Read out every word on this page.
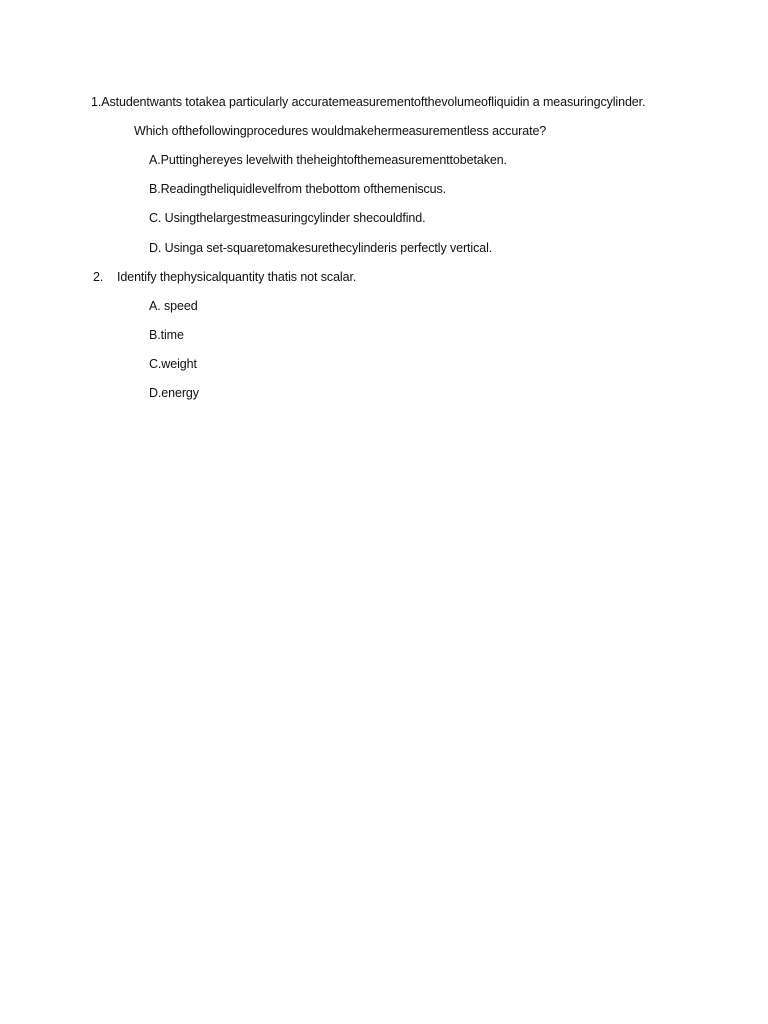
1.Astudentwants totakea particularly accuratemeasurementofthevolumeofliquidin a measuringcylinder.
Which ofthefollowingprocedures wouldmakehermeasurementless accurate?
A.Puttinghereyes levelwith theheightofthemeasurementtobetaken.
B.Readingtheliquidlevelfrom thebottom ofthemeniscus.
C. Usingthelargestmeasuringcylinder shecouldfind.
D. Usinga set-squaretomakesurethecylinderis perfectly vertical.
2. Identify thephysicalquantity thatis not scalar.
A. speed
B.time
C.weight
D.energy
